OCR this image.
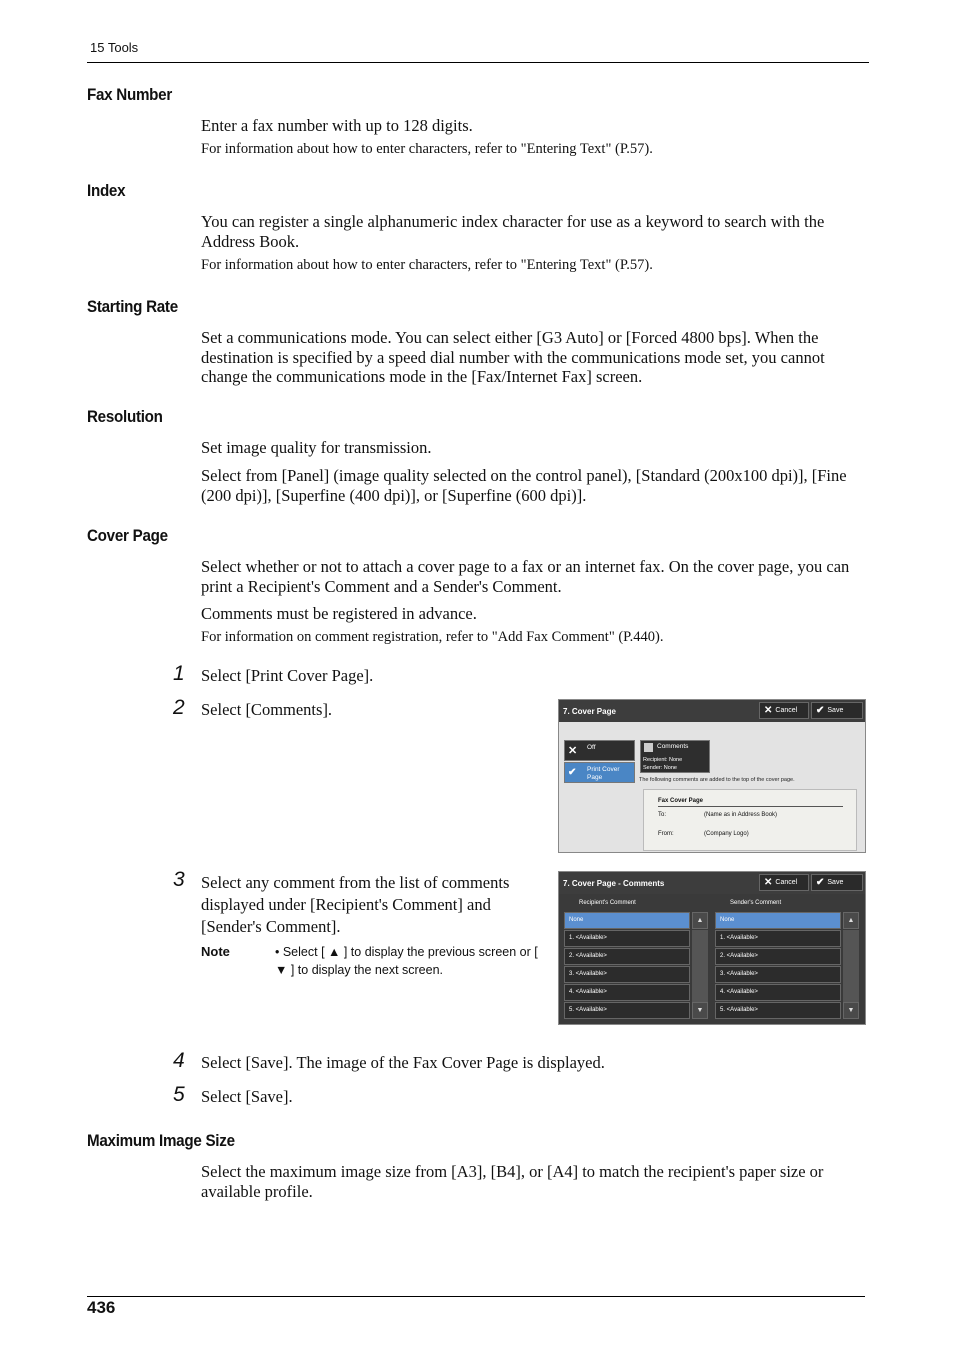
15 Tools
Fax Number
Enter a fax number with up to 128 digits.
For information about how to enter characters, refer to "Entering Text" (P.57).
Index
You can register a single alphanumeric index character for use as a keyword to search with the Address Book.
For information about how to enter characters, refer to "Entering Text" (P.57).
Starting Rate
Set a communications mode. You can select either [G3 Auto] or [Forced 4800 bps]. When the destination is specified by a speed dial number with the communications mode set, you cannot change the communications mode in the [Fax/Internet Fax] screen.
Resolution
Set image quality for transmission.
Select from [Panel] (image quality selected on the control panel), [Standard (200x100 dpi)], [Fine (200 dpi)], [Superfine (400 dpi)], or [Superfine (600 dpi)].
Cover Page
Select whether or not to attach a cover page to a fax or an internet fax. On the cover page, you can print a Recipient's Comment and a Sender's Comment.
Comments must be registered in advance.
For information on comment registration, refer to "Add Fax Comment" (P.440).
1 Select [Print Cover Page].
2 Select [Comments].
3 Select any comment from the list of comments displayed under [Recipient's Comment] and [Sender's Comment].
Note	• Select [ ▲ ] to display the previous screen or [ ▼ ] to display the next screen.
4 Select [Save]. The image of the Fax Cover Page is displayed.
5 Select [Save].
7. Cover Page	✕ Cancel ✔ Save
✕ Off
✔ Print Cover
Page
Comments
Recipient: None
Sender: None
The following comments are added to the top of the cover page.
Fax Cover Page
To:	(Name as in Address Book)
From:	(Company Logo)
7. Cover Page - Comments	✕ Cancel ✔ Save
Recipient's Comment	Sender's Comment
None
1. <Available>
2. <Available>
3. <Available>
4. <Available>
5. <Available>
▲
▼
None
1. <Available>
2. <Available>
3. <Available>
4. <Available>
5. <Available>
▲
▼
Maximum Image Size
Select the maximum image size from [A3], [B4], or [A4] to match the recipient's paper size or available profile.
436
